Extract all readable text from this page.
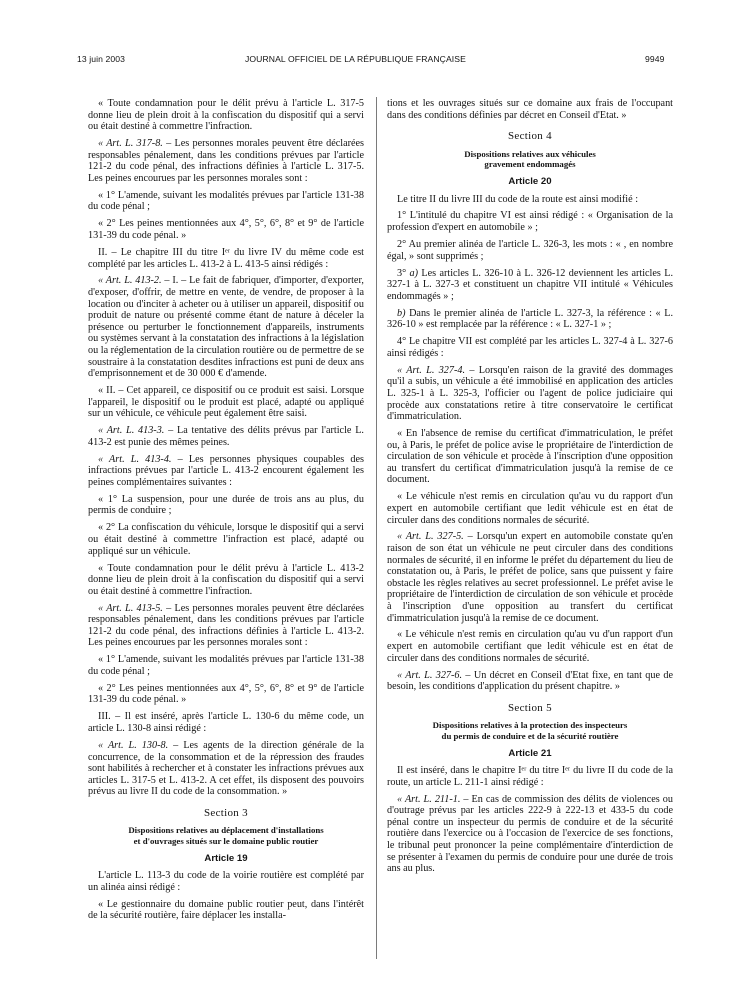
13 juin 2003	JOURNAL OFFICIEL DE LA RÉPUBLIQUE FRANÇAISE	9949

« Toute condamnation pour le délit prévu à l'article L. 317-5 donne lieu de plein droit à la confiscation du dispositif qui a servi ou était destiné à commettre l'infraction.

« Art. L. 317-8. – Les personnes morales peuvent être déclarées responsables pénalement, dans les conditions prévues par l'article 121-2 du code pénal, des infractions définies à l'article L. 317-5. Les peines encourues par les personnes morales sont :

« 1° L'amende, suivant les modalités prévues par l'article 131-38 du code pénal ;

« 2° Les peines mentionnées aux 4°, 5°, 6°, 8° et 9° de l'article 131-39 du code pénal. »

II. – Le chapitre III du titre Iᵉʳ du livre IV du même code est complété par les articles L. 413-2 à L. 413-5 ainsi rédigés :

« Art. L. 413-2. – I. – Le fait de fabriquer, d'importer, d'exporter, d'exposer, d'offrir, de mettre en vente, de vendre, de proposer à la location ou d'inciter à acheter ou à utiliser un appareil, dispositif ou produit de nature ou présenté comme étant de nature à déceler la présence ou perturber le fonctionnement d'appareils, instruments ou systèmes servant à la constatation des infractions à la législation ou la réglementation de la circulation routière ou de permettre de se soustraire à la constatation desdites infractions est puni de deux ans d'emprisonnement et de 30 000 € d'amende.

« II. – Cet appareil, ce dispositif ou ce produit est saisi. Lorsque l'appareil, le dispositif ou le produit est placé, adapté ou appliqué sur un véhicule, ce véhicule peut également être saisi.

« Art. L. 413-3. – La tentative des délits prévus par l'article L. 413-2 est punie des mêmes peines.

« Art. L. 413-4. – Les personnes physiques coupables des infractions prévues par l'article L. 413-2 encourent également les peines complémentaires suivantes :

« 1° La suspension, pour une durée de trois ans au plus, du permis de conduire ;

« 2° La confiscation du véhicule, lorsque le dispositif qui a servi ou était destiné à commettre l'infraction est placé, adapté ou appliqué sur un véhicule.

« Toute condamnation pour le délit prévu à l'article L. 413-2 donne lieu de plein droit à la confiscation du dispositif qui a servi ou était destiné à commettre l'infraction.

« Art. L. 413-5. – Les personnes morales peuvent être déclarées responsables pénalement, dans les conditions prévues par l'article 121-2 du code pénal, des infractions définies à l'article L. 413-2. Les peines encourues par les personnes morales sont :

« 1° L'amende, suivant les modalités prévues par l'article 131-38 du code pénal ;

« 2° Les peines mentionnées aux 4°, 5°, 6°, 8° et 9° de l'article 131-39 du code pénal. »

III. – Il est inséré, après l'article L. 130-6 du même code, un article L. 130-8 ainsi rédigé :

« Art. L. 130-8. – Les agents de la direction générale de la concurrence, de la consommation et de la répression des fraudes sont habilités à rechercher et à constater les infractions prévues aux articles L. 317-5 et L. 413-2. A cet effet, ils disposent des pouvoirs prévus au livre II du code de la consommation. »

Section 3
Dispositions relatives au déplacement d'installations
et d'ouvrages situés sur le domaine public routier
Article 19

L'article L. 113-3 du code de la voirie routière est complété par un alinéa ainsi rédigé :

« Le gestionnaire du domaine public routier peut, dans l'intérêt de la sécurité routière, faire déplacer les installa-

tions et les ouvrages situés sur ce domaine aux frais de l'occupant dans des conditions définies par décret en Conseil d'Etat. »

Section 4
Dispositions relatives aux véhicules
gravement endommagés
Article 20

Le titre II du livre III du code de la route est ainsi modifié :

1° L'intitulé du chapitre VI est ainsi rédigé : « Organisation de la profession d'expert en automobile » ;

2° Au premier alinéa de l'article L. 326-3, les mots : « , en nombre égal, » sont supprimés ;

3° a) Les articles L. 326-10 à L. 326-12 deviennent les articles L. 327-1 à L. 327-3 et constituent un chapitre VII intitulé « Véhicules endommagés » ;

b) Dans le premier alinéa de l'article L. 327-3, la référence : « L. 326-10 » est remplacée par la référence : « L. 327-1 » ;

4° Le chapitre VII est complété par les articles L. 327-4 à L. 327-6 ainsi rédigés :

« Art. L. 327-4. – Lorsqu'en raison de la gravité des dommages qu'il a subis, un véhicule a été immobilisé en application des articles L. 325-1 à L. 325-3, l'officier ou l'agent de police judiciaire qui procède aux constatations retire à titre conservatoire le certificat d'immatriculation.

« En l'absence de remise du certificat d'immatriculation, le préfet ou, à Paris, le préfet de police avise le propriétaire de l'interdiction de circulation de son véhicule et procède à l'inscription d'une opposition au transfert du certificat d'immatriculation jusqu'à la remise de ce document.

« Le véhicule n'est remis en circulation qu'au vu du rapport d'un expert en automobile certifiant que ledit véhicule est en état de circuler dans des conditions normales de sécurité.

« Art. L. 327-5. – Lorsqu'un expert en automobile constate qu'en raison de son état un véhicule ne peut circuler dans des conditions normales de sécurité, il en informe le préfet du département du lieu de constatation ou, à Paris, le préfet de police, sans que puissent y faire obstacle les règles relatives au secret professionnel. Le préfet avise le propriétaire de l'interdiction de circulation de son véhicule et procède à l'inscription d'une opposition au transfert du certificat d'immatriculation jusqu'à la remise de ce document.

« Le véhicule n'est remis en circulation qu'au vu d'un rapport d'un expert en automobile certifiant que ledit véhicule est en état de circuler dans des conditions normales de sécurité.

« Art. L. 327-6. – Un décret en Conseil d'Etat fixe, en tant que de besoin, les conditions d'application du présent chapitre. »

Section 5
Dispositions relatives à la protection des inspecteurs
du permis de conduire et de la sécurité routière
Article 21

Il est inséré, dans le chapitre Iᵉʳ du titre Iᵉʳ du livre II du code de la route, un article L. 211-1 ainsi rédigé :

« Art. L. 211-1. – En cas de commission des délits de violences ou d'outrage prévus par les articles 222-9 à 222-13 et 433-5 du code pénal contre un inspecteur du permis de conduire et de la sécurité routière dans l'exercice ou à l'occasion de l'exercice de ses fonctions, le tribunal peut prononcer la peine complémentaire d'interdiction de se présenter à l'examen du permis de conduire pour une durée de trois ans au plus.
